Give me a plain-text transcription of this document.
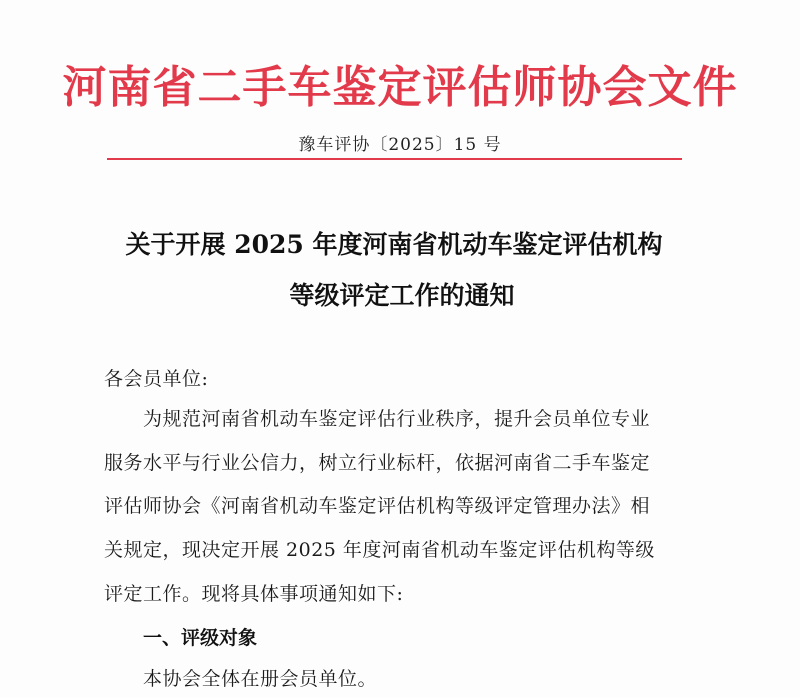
河南省二手车鉴定评估师协会文件
豫车评协〔2025〕15 号
关于开展 2025 年度河南省机动车鉴定评估机构
等级评定工作的通知
各会员单位:
为规范河南省机动车鉴定评估行业秩序，提升会员单位专业
服务水平与行业公信力，树立行业标杆，依据河南省二手车鉴定
评估师协会《河南省机动车鉴定评估机构等级评定管理办法》相
关规定，现决定开展 2025 年度河南省机动车鉴定评估机构等级
评定工作。现将具体事项通知如下:
一、评级对象
本协会全体在册会员单位。
